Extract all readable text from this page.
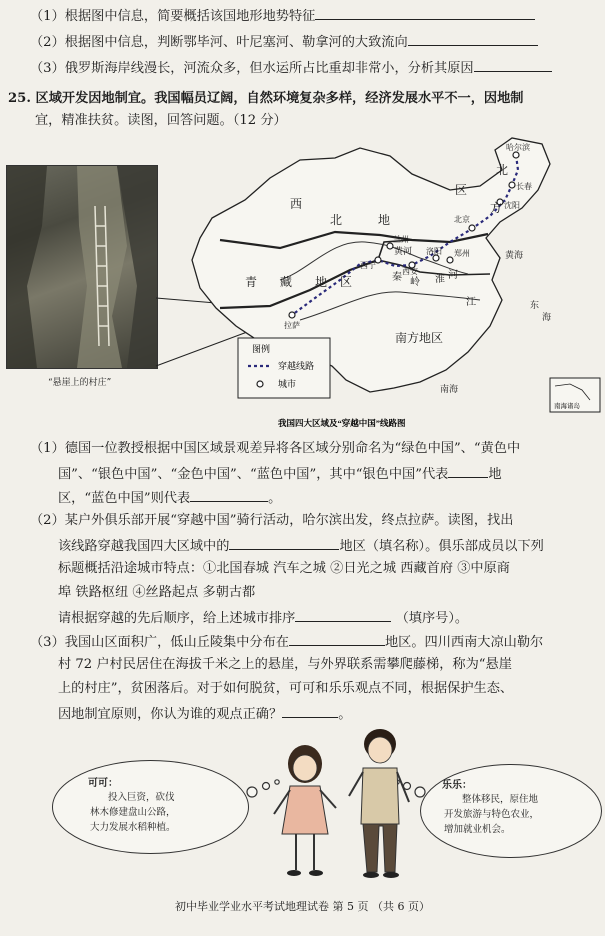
（1）根据图中信息，简要概括该国地形地势特征
（2）根据图中信息，判断鄂毕河、叶尼塞河、勒拿河的大致流向
（3）俄罗斯海岸线漫长，河流众多，但水运所占比重却非常小，分析其原因
25. 区域开发因地制宜。我国幅员辽阔，自然环境复杂多样，经济发展水平不一，因地制
宜，精准扶贫。读图，回答问题。（12 分）
“悬崖上的村庄”
西
北	地
区
北
方
青 藏 地 区
南方地区
秦 岭 淮 河
黄 河
江
黄海
东
海
南海
哈尔滨
长春
沈阳
北京
兰州
西宁
西安
洛阳 郑州
拉萨
图例
穿越线路
城市
南海诸岛
我国四大区域及“穿越中国”线路图
（1）德国一位教授根据中国区域景观差异将各区域分别命名为“绿色中国”、“黄色中
国”、“银色中国”、“金色中国”、“蓝色中国”，其中“银色中国”代表	地
区，“蓝色中国”则代表	。
（2）某户外俱乐部开展“穿越中国”骑行活动，哈尔滨出发，终点拉萨。读图，找出
该线路穿越我国四大区域中的	地区（填名称）。俱乐部成员以下列
标题概括沿途城市特点：①北国春城 汽车之城 ②日光之城 西藏首府 ③中原商
埠 铁路枢纽 ④丝路起点 多朝古都
请根据穿越的先后顺序，给上述城市排序	（填序号）。
（3）我国山区面积广，低山丘陵集中分布在	地区。四川西南大凉山勒尔
村 72 户村民居住在海拔千米之上的悬崖，与外界联系需攀爬藤梯，称为“悬崖
上的村庄”，贫困落后。对于如何脱贫，可可和乐乐观点不同，根据保护生态、
因地制宜原则，你认为谁的观点正确？	。
可可：
投入巨资，砍伐
林木修建盘山公路，
大力发展水稻种植。
乐乐：
整体移民，原住地
开发旅游与特色农业，
增加就业机会。
初中毕业学业水平考试地理试卷 第 5 页 （共 6 页）
